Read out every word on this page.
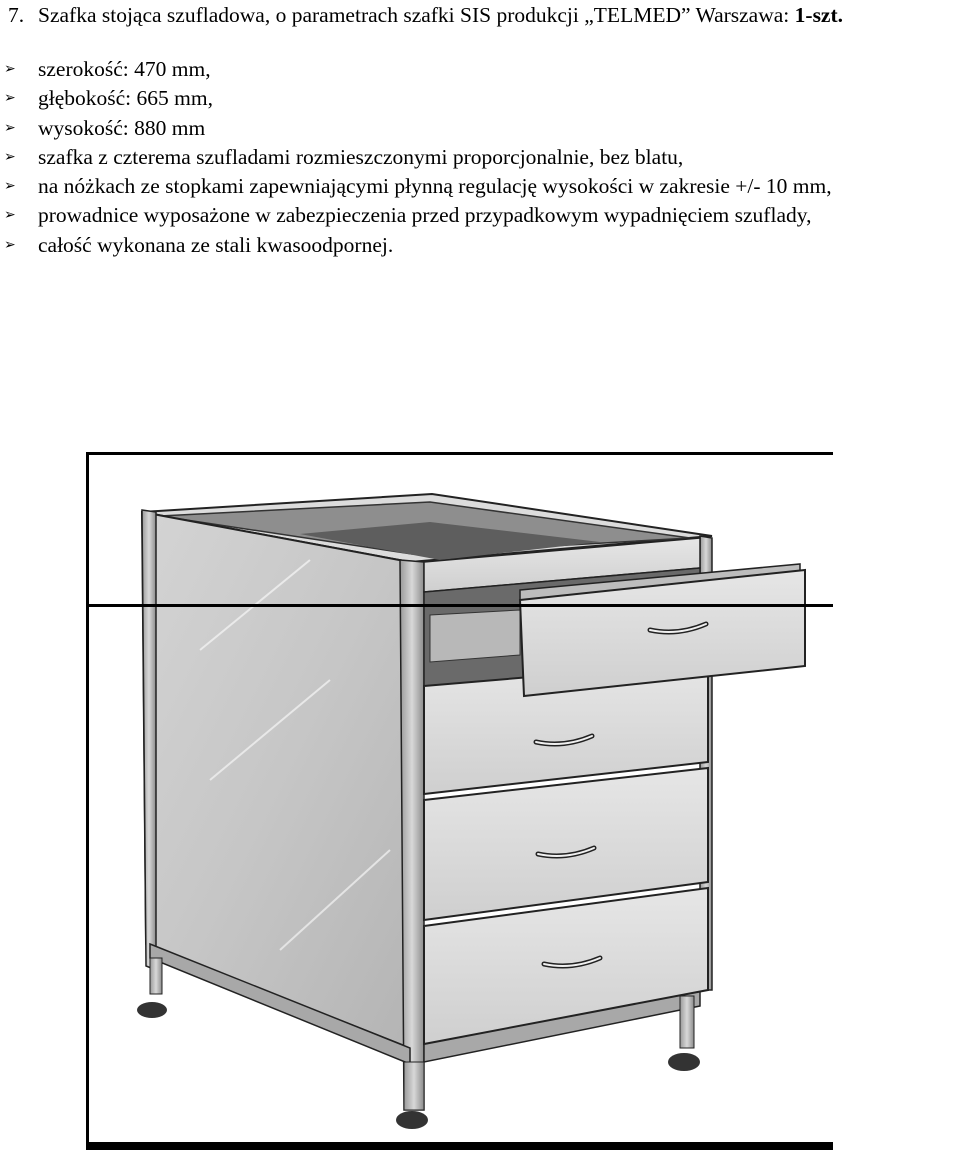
7. Szafka stojąca szufladowa, o parametrach szafki SIS produkcji „TELMED” Warszawa: 1-szt.
➢ szerokość: 470 mm,
➢ głębokość: 665 mm,
➢ wysokość: 880 mm
➢ szafka z czterema szufladami rozmieszczonymi proporcjonalnie, bez blatu,
➢ na nóżkach ze stopkami zapewniającymi płynną regulację wysokości w zakresie +/- 10 mm,
➢ prowadnice wyposażone w zabezpieczenia przed przypadkowym wypadnięciem szuflady,
➢ całość wykonana ze stali kwasoodpornej.
